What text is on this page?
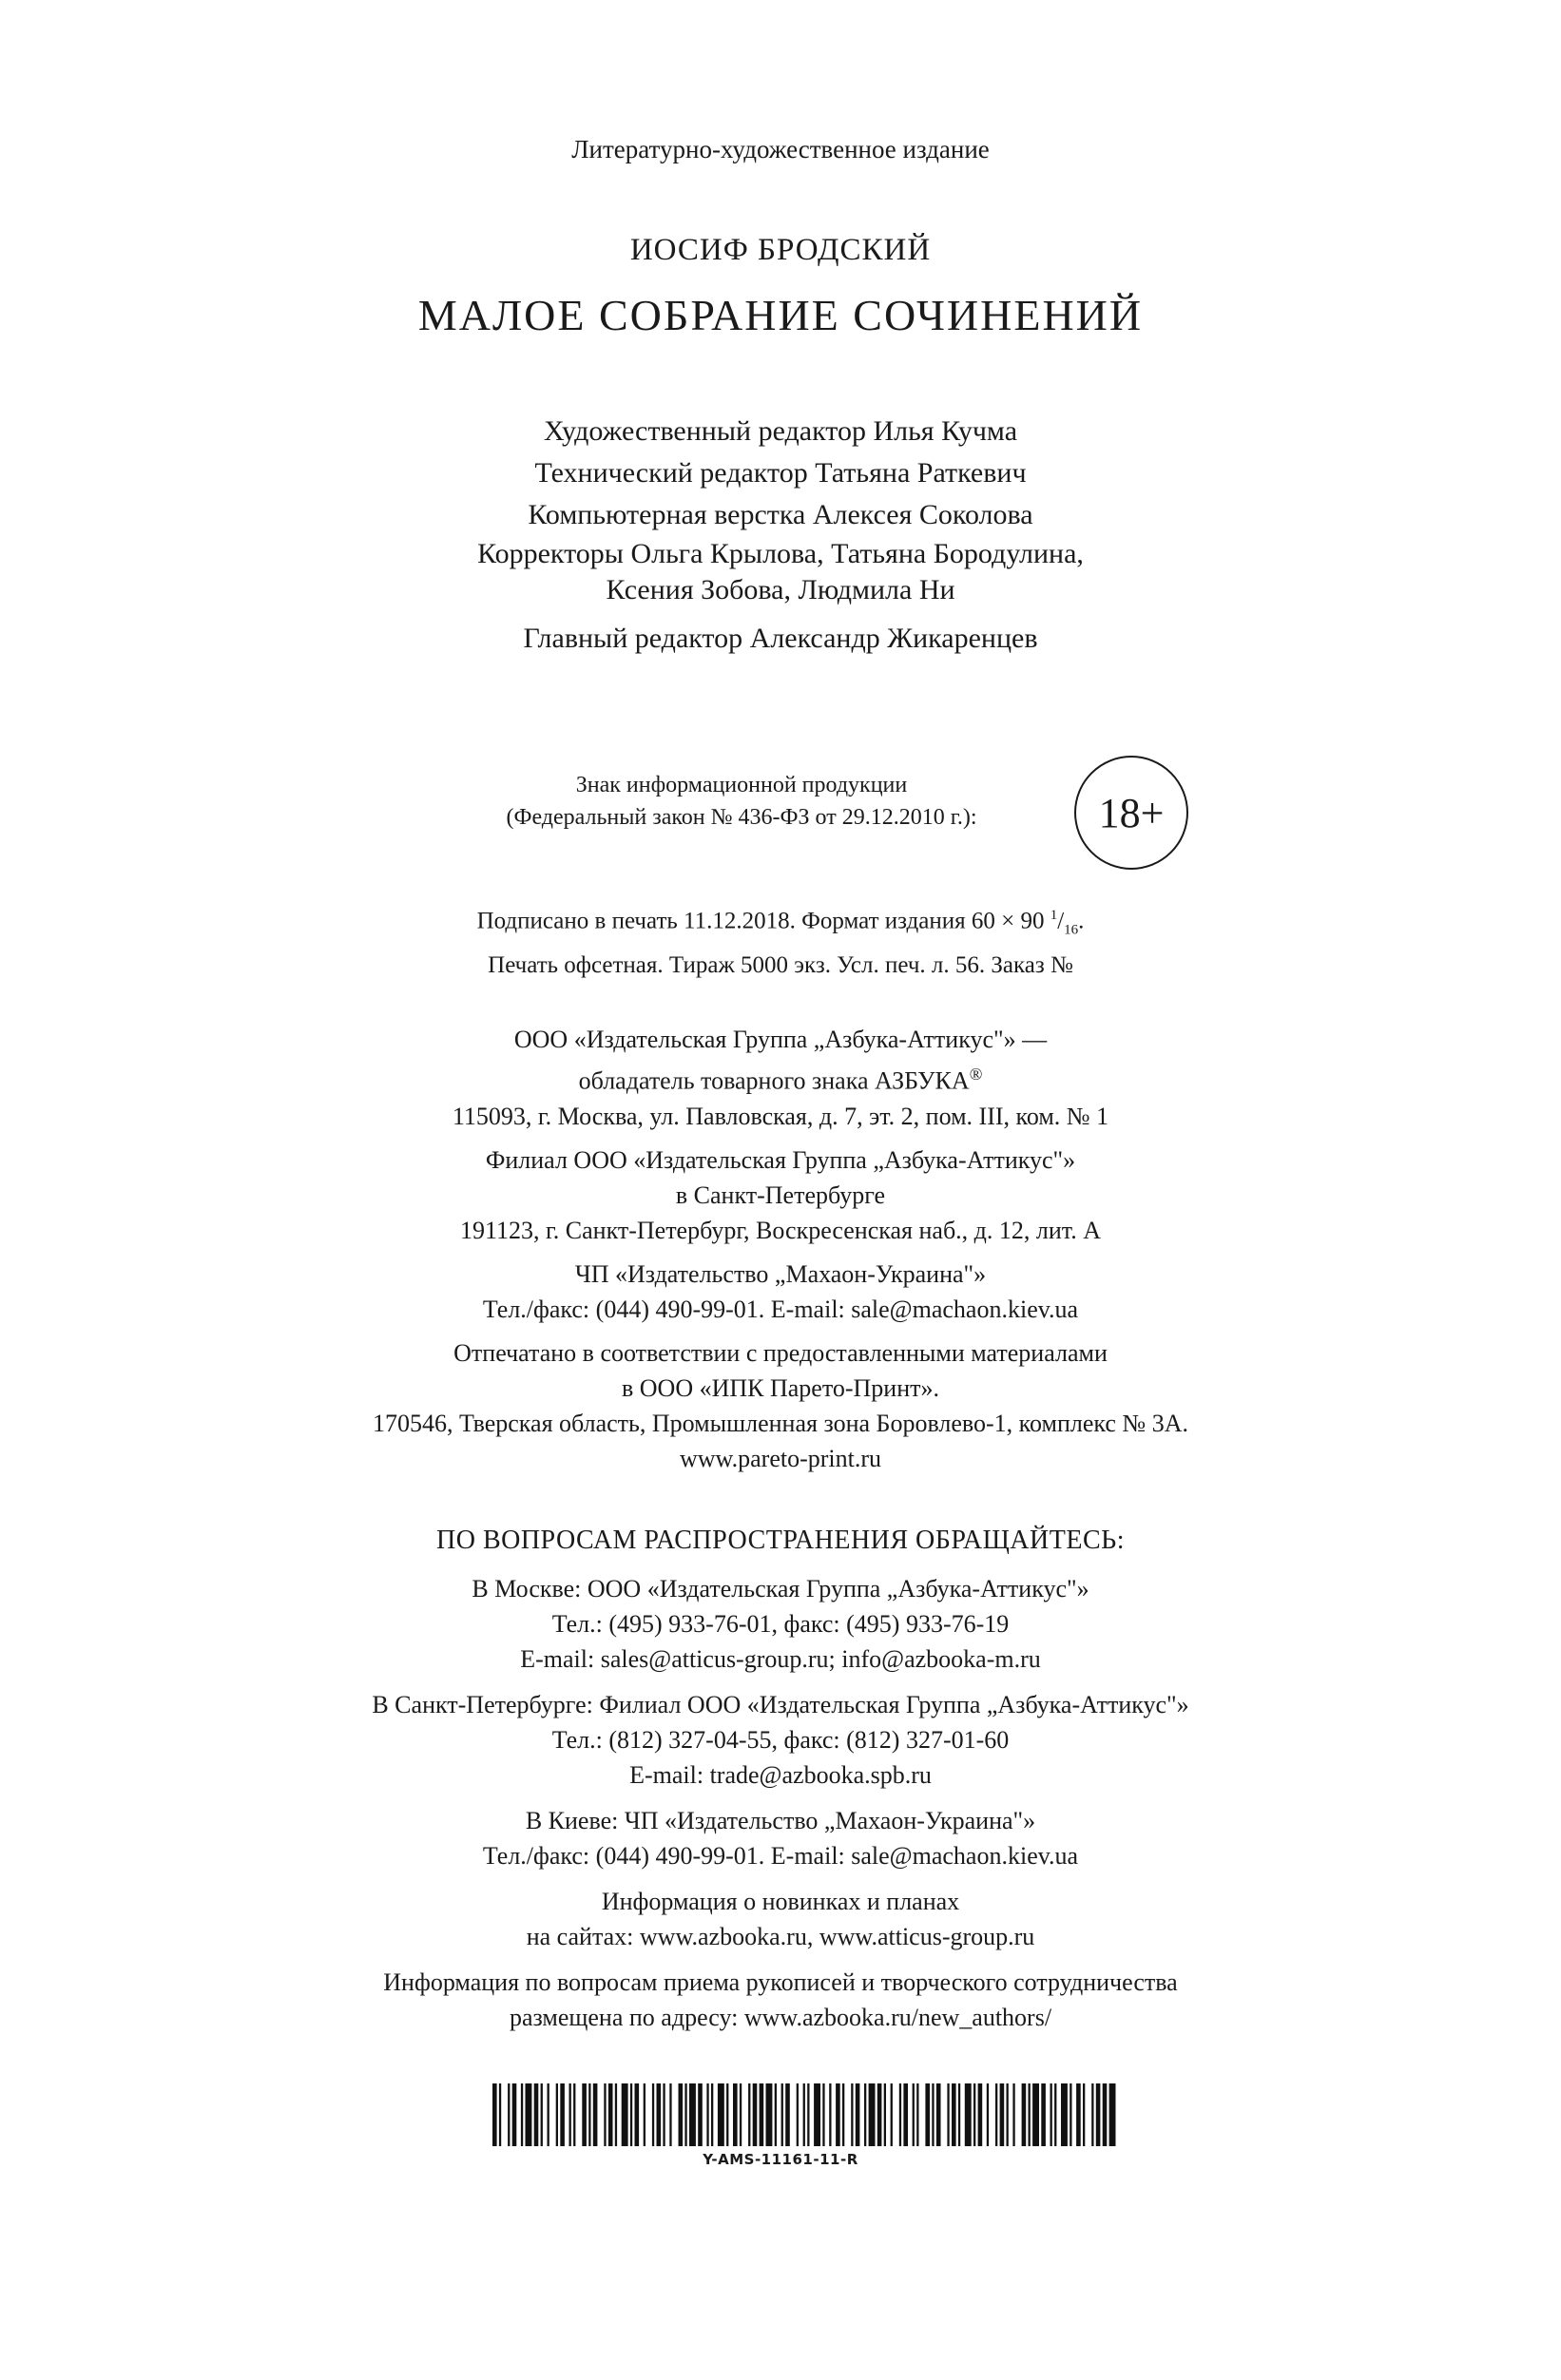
Литературно-художественное издание
ИОСИФ БРОДСКИЙ
МАЛОЕ СОБРАНИЕ СОЧИНЕНИЙ
Художественный редактор Илья Кучма
Технический редактор Татьяна Раткевич
Компьютерная верстка Алексея Соколова
Корректоры Ольга Крылова, Татьяна Бородулина,
Ксения Зобова, Людмила Ни
Главный редактор Александр Жикаренцев
Знак информационной продукции
(Федеральный закон № 436-ФЗ от 29.12.2010 г.):	18+
Подписано в печать 11.12.2018. Формат издания 60 × 90 $^1/_{16}$.
Печать офсетная. Тираж 5000 экз. Усл. печ. л. 56. Заказ №
ООО «Издательская Группа „Азбука-Аттикус"» —
обладатель товарного знака АЗБУКА®
115093, г. Москва, ул. Павловская, д. 7, эт. 2, пом. III, ком. № 1
Филиал ООО «Издательская Группа „Азбука-Аттикус"»
в Санкт-Петербурге
191123, г. Санкт-Петербург, Воскресенская наб., д. 12, лит. А
ЧП «Издательство „Махаон-Украина"»
Тел./факс: (044) 490-99-01. E-mail: sale@machaon.kiev.ua
Отпечатано в соответствии с предоставленными материалами
в ООО «ИПК Парето-Принт».
170546, Тверская область, Промышленная зона Боровлево-1, комплекс № 3А.
www.pareto-print.ru
ПО ВОПРОСАМ РАСПРОСТРАНЕНИЯ ОБРАЩАЙТЕСЬ:
В Москве: ООО «Издательская Группа „Азбука-Аттикус"»
Тел.: (495) 933-76-01, факс: (495) 933-76-19
E-mail: sales@atticus-group.ru; info@azbooka-m.ru
В Санкт-Петербурге: Филиал ООО «Издательская Группа „Азбука-Аттикус"»
Тел.: (812) 327-04-55, факс: (812) 327-01-60
E-mail: trade@azbooka.spb.ru
В Киеве: ЧП «Издательство „Махаон-Украина"»
Тел./факс: (044) 490-99-01. E-mail: sale@machaon.kiev.ua
Информация о новинках и планах
на сайтах: www.azbooka.ru, www.atticus-group.ru
Информация по вопросам приема рукописей и творческого сотрудничества
размещена по адресу: www.azbooka.ru/new_authors/
Y-AMS-11161-11-R
